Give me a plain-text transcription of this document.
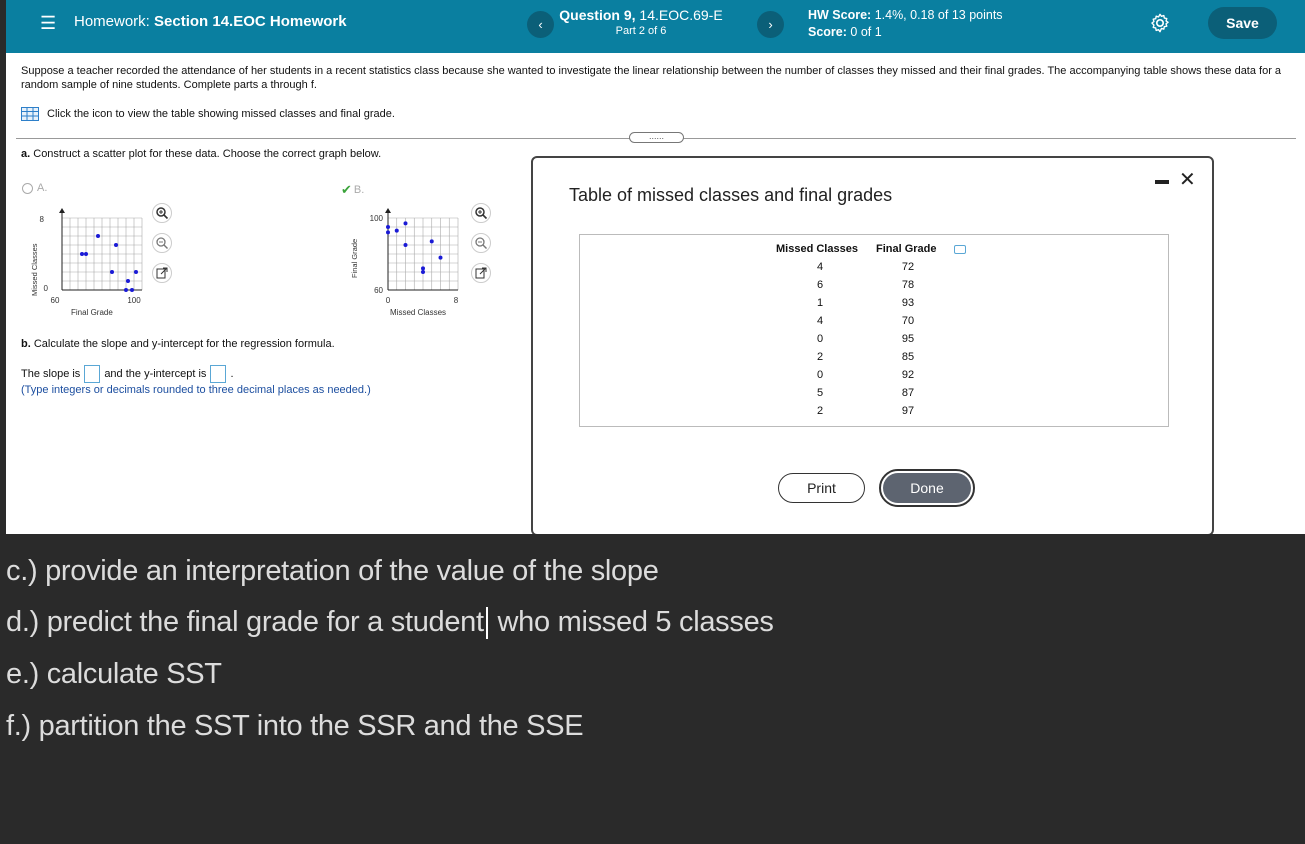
☰ Homework: Section 14.EOC Homework	‹
Question 9, 14.EOC.69-E
Part 2 of 6	›
HW Score: 1.4%, 0.18 of 13 points
Score: 0 of 1
Save
Suppose a teacher recorded the attendance of her students in a recent statistics class because she wanted to investigate the linear relationship between the number of classes they missed and their final grades. The accompanying table shows these data for a random sample of nine students. Complete parts a through f.
Click the icon to view the table showing missed classes and final grade.
......
a. Construct a scatter plot for these data. Choose the correct graph below.
A.	✔ B.
Missed Classes
Final Grade
8
0
60	100
Final Grade
Missed Classes
100
60
0	8
b. Calculate the slope and y-intercept for the regression formula.
The slope is and the y-intercept is .
(Type integers or decimals rounded to three decimal places as needed.)
Table of missed classes and final grades
✕
Missed Classes Final Grade
4	72
6	78
1	93
4	70
0	95
2	85
0	92
5	87
2	97
Print	Done
c.) provide an interpretation of the value of the slope
d.) predict the final grade for a student who missed 5 classes
e.) calculate SST
f.) partition the SST into the SSR and the SSE
